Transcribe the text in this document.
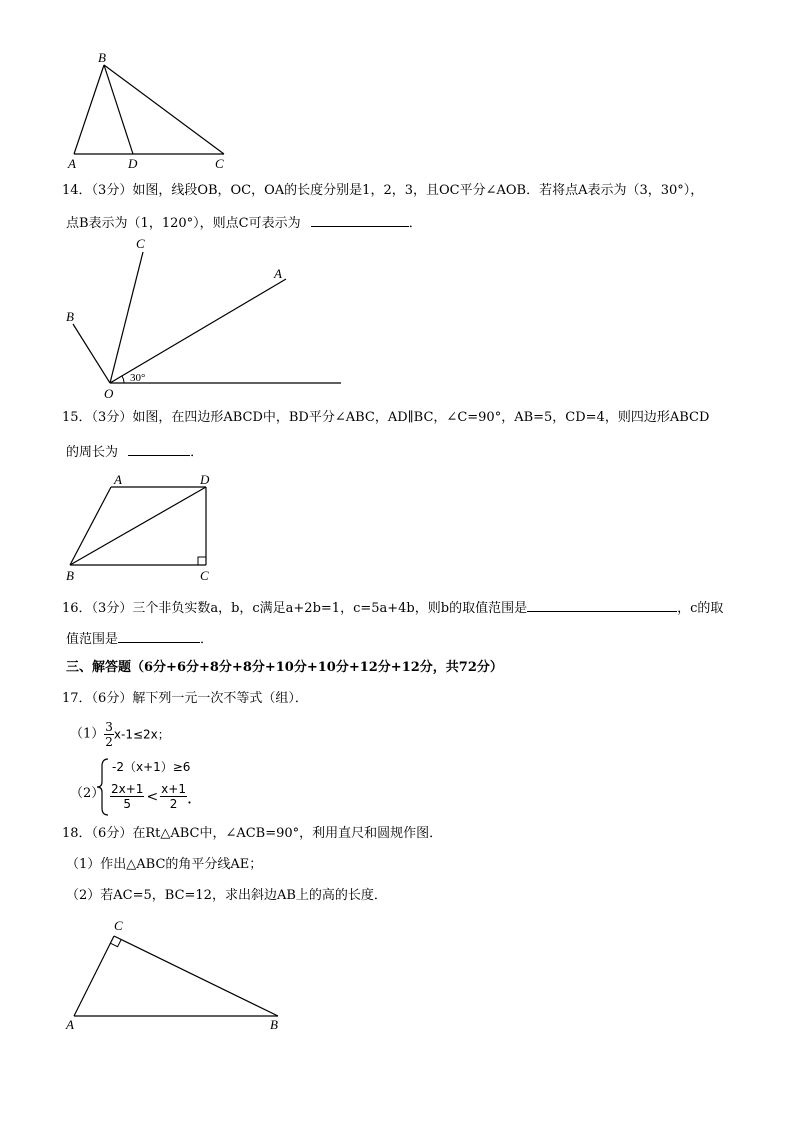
B
A	D	C
14．（3分）如图，线段OB，OC，OA的长度分别是1，2，3，且OC平分∠AOB．若将点A表示为（3，30°），
点B表示为（1，120°），则点C可表示为	．
C
A
B
O
30°
15．（3分）如图，在四边形ABCD中，BD平分∠ABC，AD∥BC，∠C=90°，AB=5，CD=4，则四边形ABCD
的周长为	．
A	D
B	C
16．（3分）三个非负实数a，b，c满足a+2b=1，c=5a+4b，则b的取值范围是	，c的取
值范围是	．
三、解答题（6分+6分+8分+8分+10分+10分+12分+12分，共72分）
17．（6分）解下列一元一次不等式（组）．
$(1) \frac{3}{2} x-1\le 2x$；
（2）
-2（x+1）≥6
$\frac{2x+1}{5} < \frac{x+1}{2}$ ．
18．（6分）在Rt△ABC中，∠ACB=90°，利用直尺和圆规作图．
（1）作出△ABC的角平分线AE；
（2）若AC=5，BC=12，求出斜边AB上的高的长度．
C
A	B
